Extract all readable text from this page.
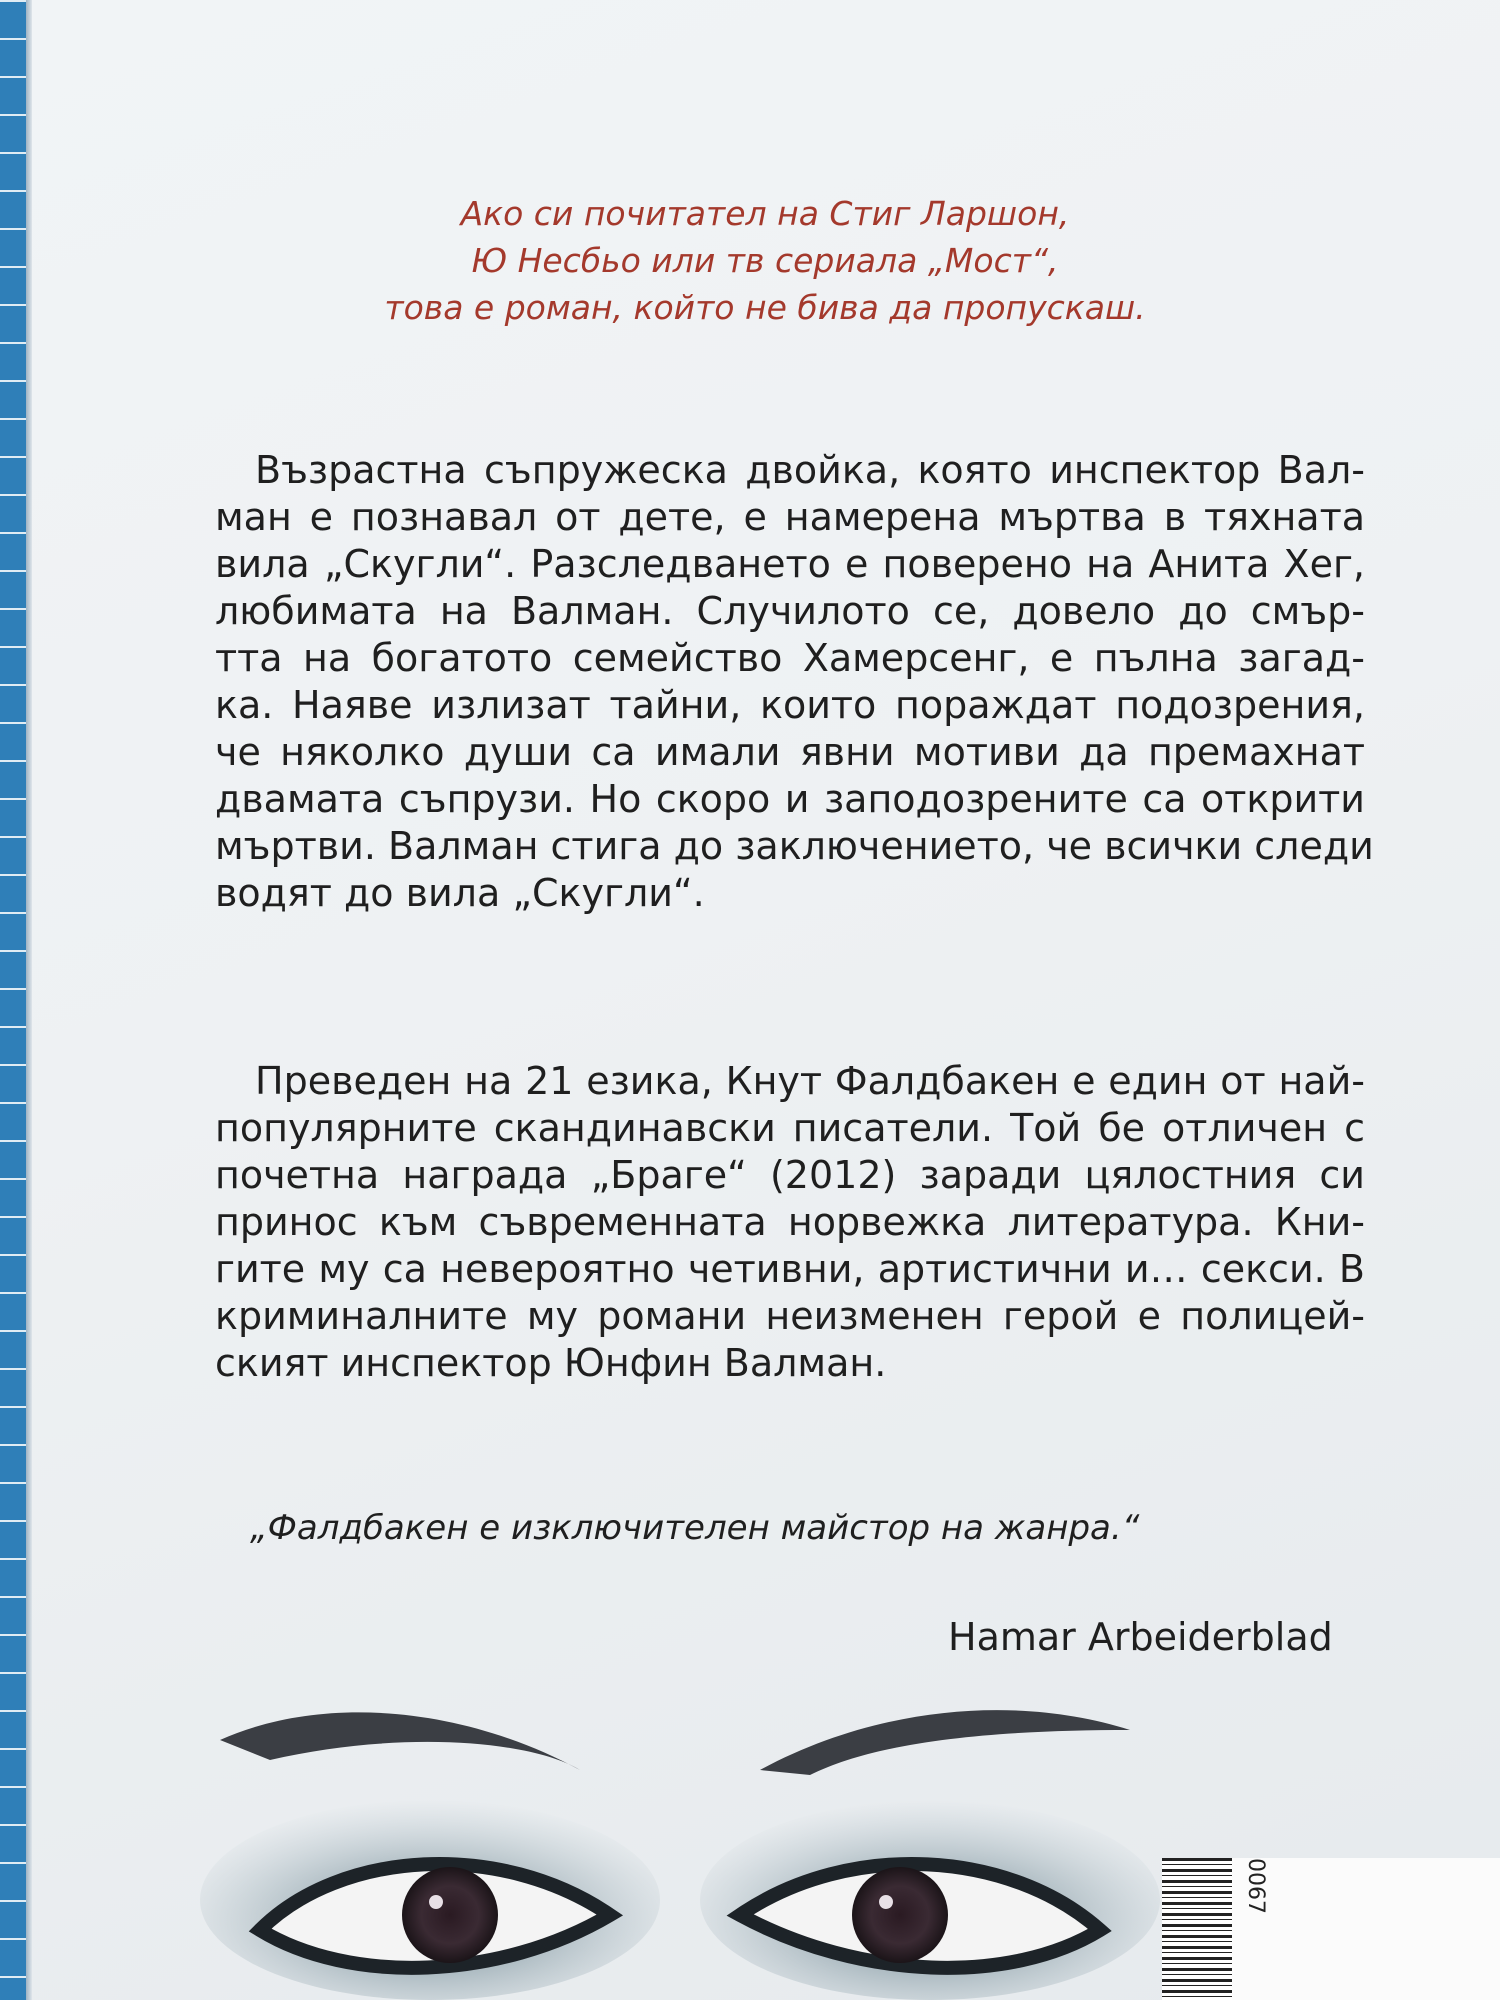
Ако си почитател на Стиг Ларшон,
Ю Несбьо или тв сериала „Мост“,
това е роман, който не бива да пропускаш.
Възрастна съпружеска двойка, която инспектор Вал-
ман е познавал от дете, е намерена мъртва в тяхната
вила „Скугли“. Разследването е поверено на Анита Хег,
любимата на Валман. Случилото се, довело до смър-
тта на богатото семейство Хамерсенг, е пълна загад-
ка. Наяве излизат тайни, които пораждат подозрения,
че няколко души са имали явни мотиви да премахнат
двамата съпрузи. Но скоро и заподозрените са открити
мъртви. Валман стига до заключението, че всички следи
водят до вила „Скугли“.
Преведен на 21 езика, Кнут Фалдбакен е един от най-
популярните скандинавски писатели. Той бе отличен с
почетна награда „Браге“ (2012) заради цялостния си
принос към съвременната норвежка литература. Кни-
гите му са невероятно четивни, артистични и… секси. В
криминалните му романи неизменен герой е полицей-
ският инспектор Юнфин Валман.
„Фалдбакен е изключителен майстор на жанра.“
Hamar Arbeiderblad
0067
